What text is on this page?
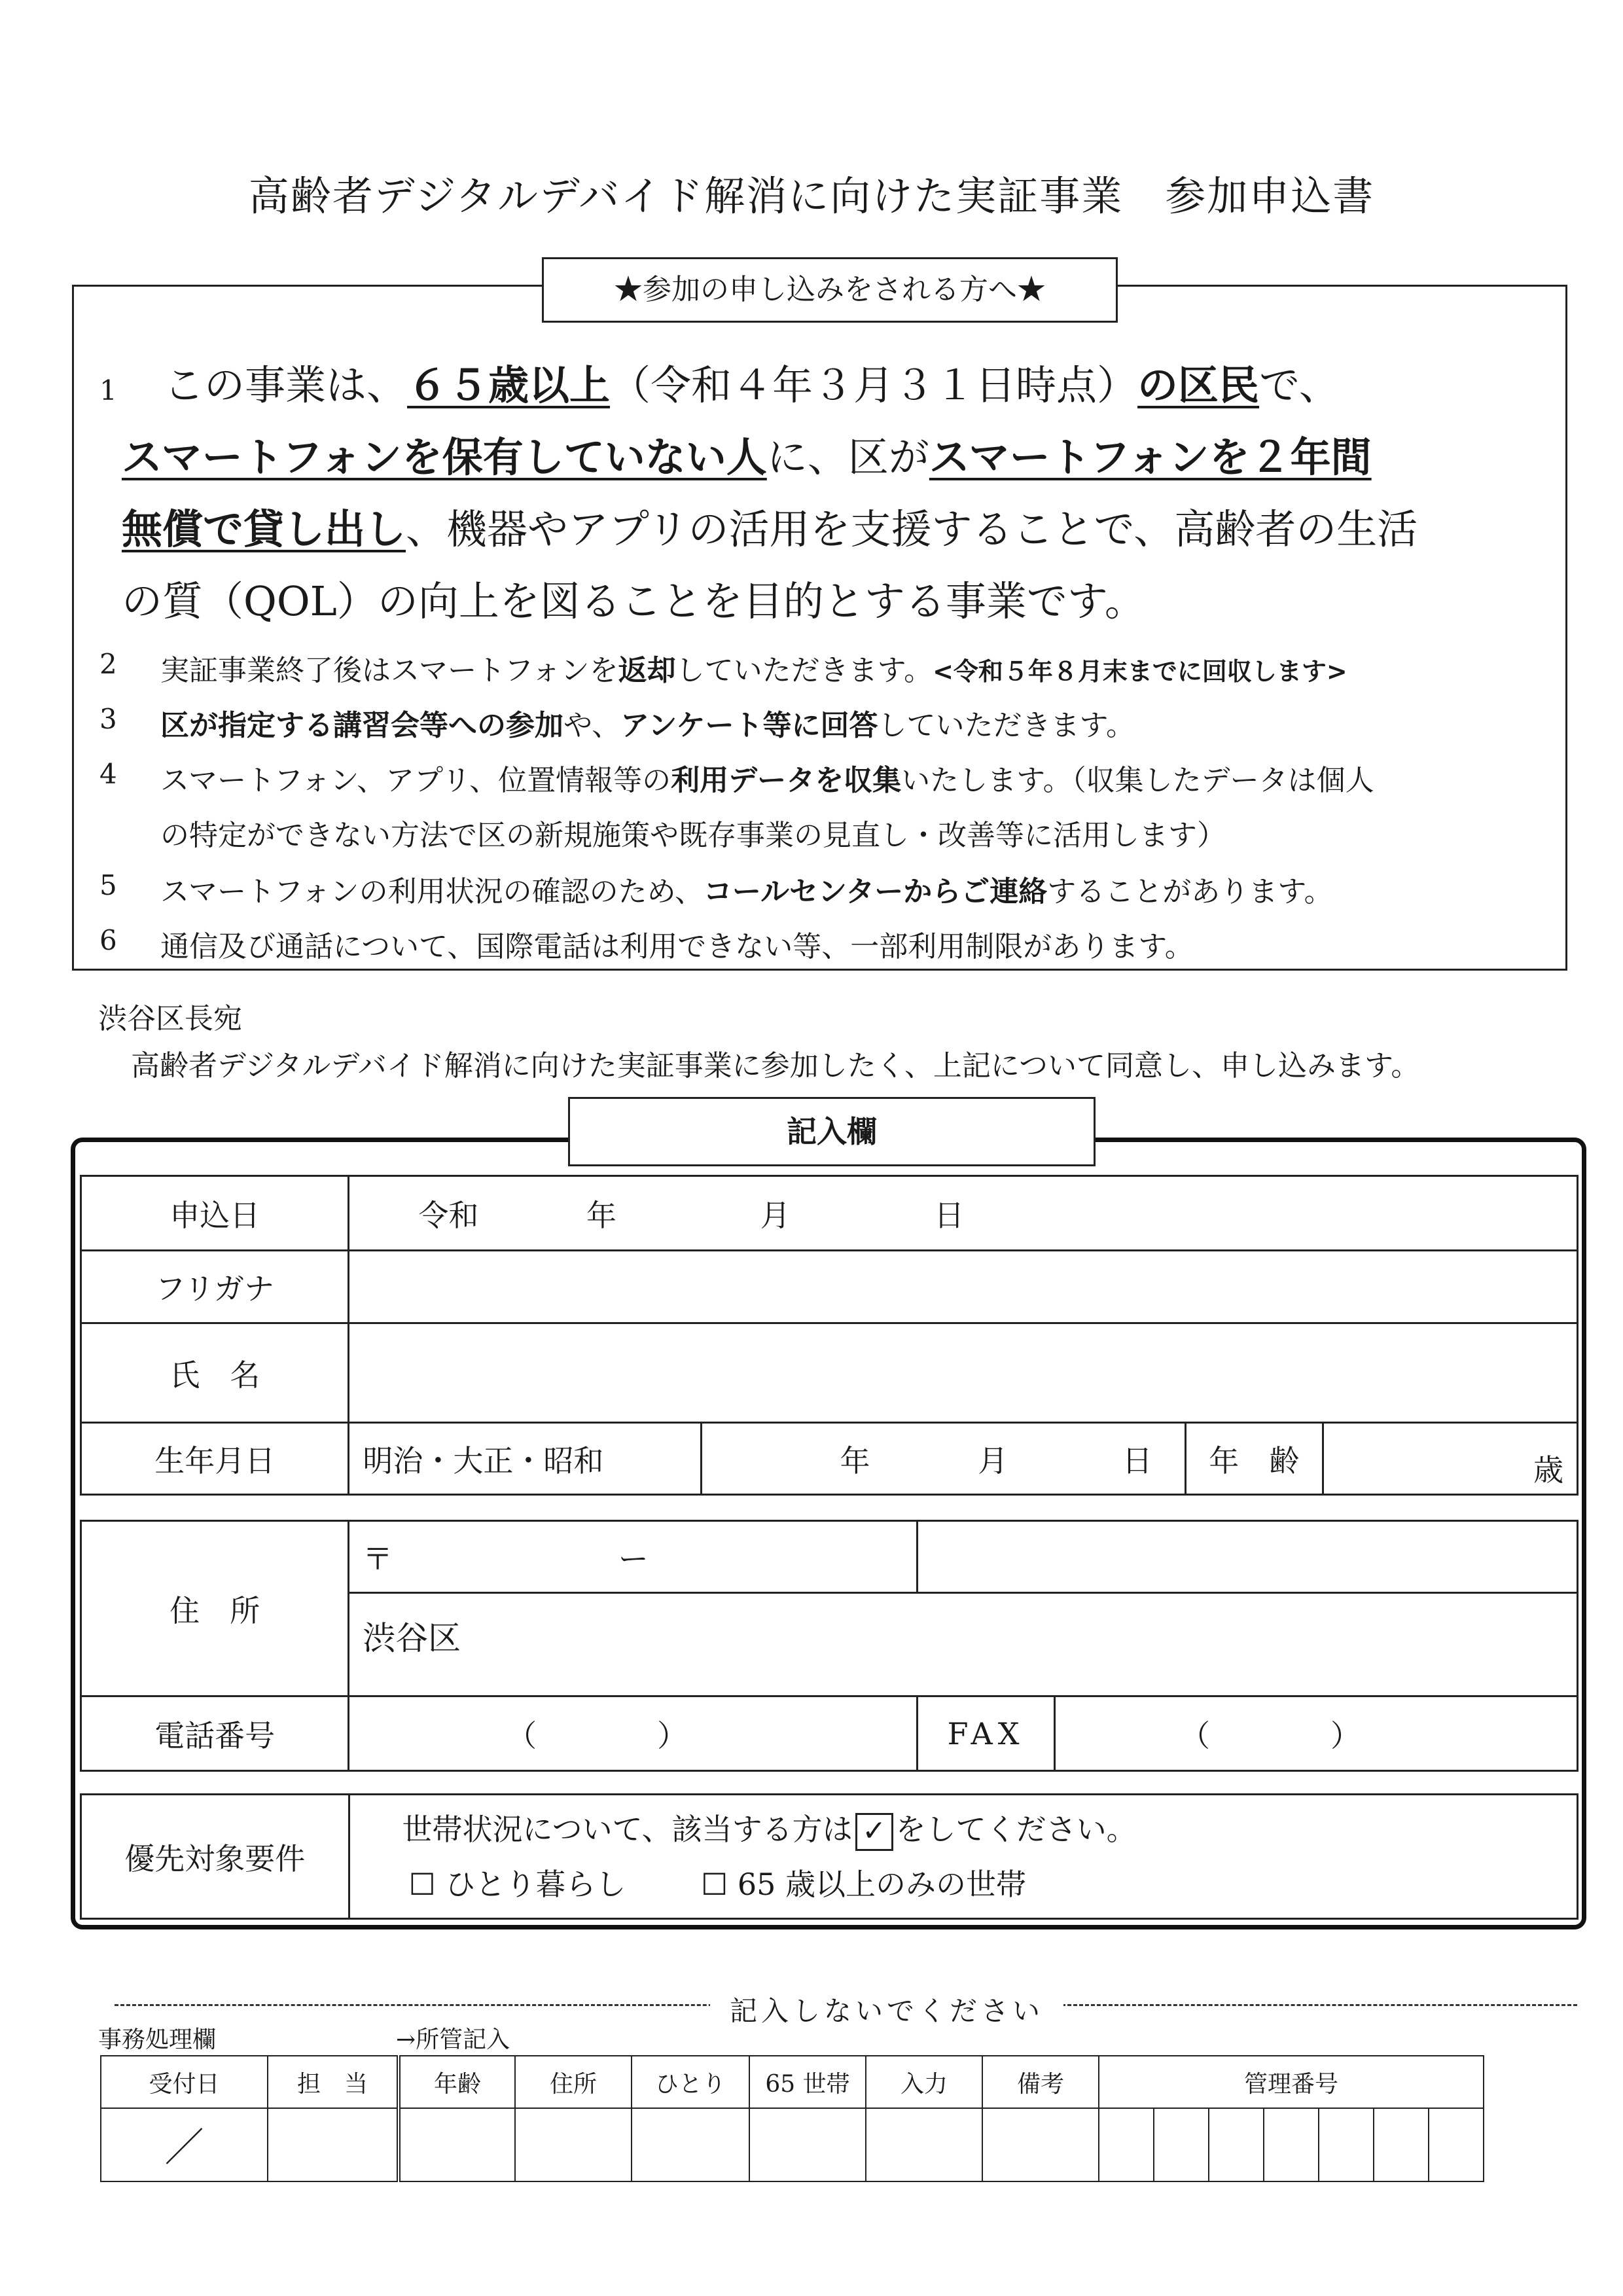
高齢者デジタルデバイド解消に向けた実証事業　参加申込書
★参加の申し込みをされる方へ★
1 この事業は、６５歳以上（令和４年３月３１日時点）の区民で、
スマートフォンを保有していない人に、区がスマートフォンを２年間
無償で貸し出し、機器やアプリの活用を支援することで、高齢者の生活
の質（QOL）の向上を図ることを目的とする事業です。
2 実証事業終了後はスマートフォンを返却していただきます。<令和５年８月末までに回収します>
3 区が指定する講習会等への参加や、アンケート等に回答していただきます。
4 スマートフォン、アプリ、位置情報等の利用データを収集いたします。（収集したデータは個人
の特定ができない方法で区の新規施策や既存事業の見直し・改善等に活用します）
5 スマートフォンの利用状況の確認のため、コールセンターからご連絡することがあります。
6 通信及び通話について、国際電話は利用できない等、一部利用制限があります。
渋谷区長宛
高齢者デジタルデバイド解消に向けた実証事業に参加したく、上記について同意し、申し込みます。
記入欄
申込日	令和 年 月 日			
フリガナ				
氏　名				
生年月日	明治・大正・昭和	年 月 日	年　齢	歳
住　所	〒 ー		
	渋谷区		
電話番号	（　　　　）	FAX	（　　　　）
優先対象要件	
世帯状況について、該当する方は ✓ をしてください。
☐ ひとり暮らし ☐ 65 歳以上のみの世帯
記入しないでください
事務処理欄	→所管記入
受付日	担　当	年齢	住所	ひとり	65 世帯	入力	備考	管理番号						
／														
